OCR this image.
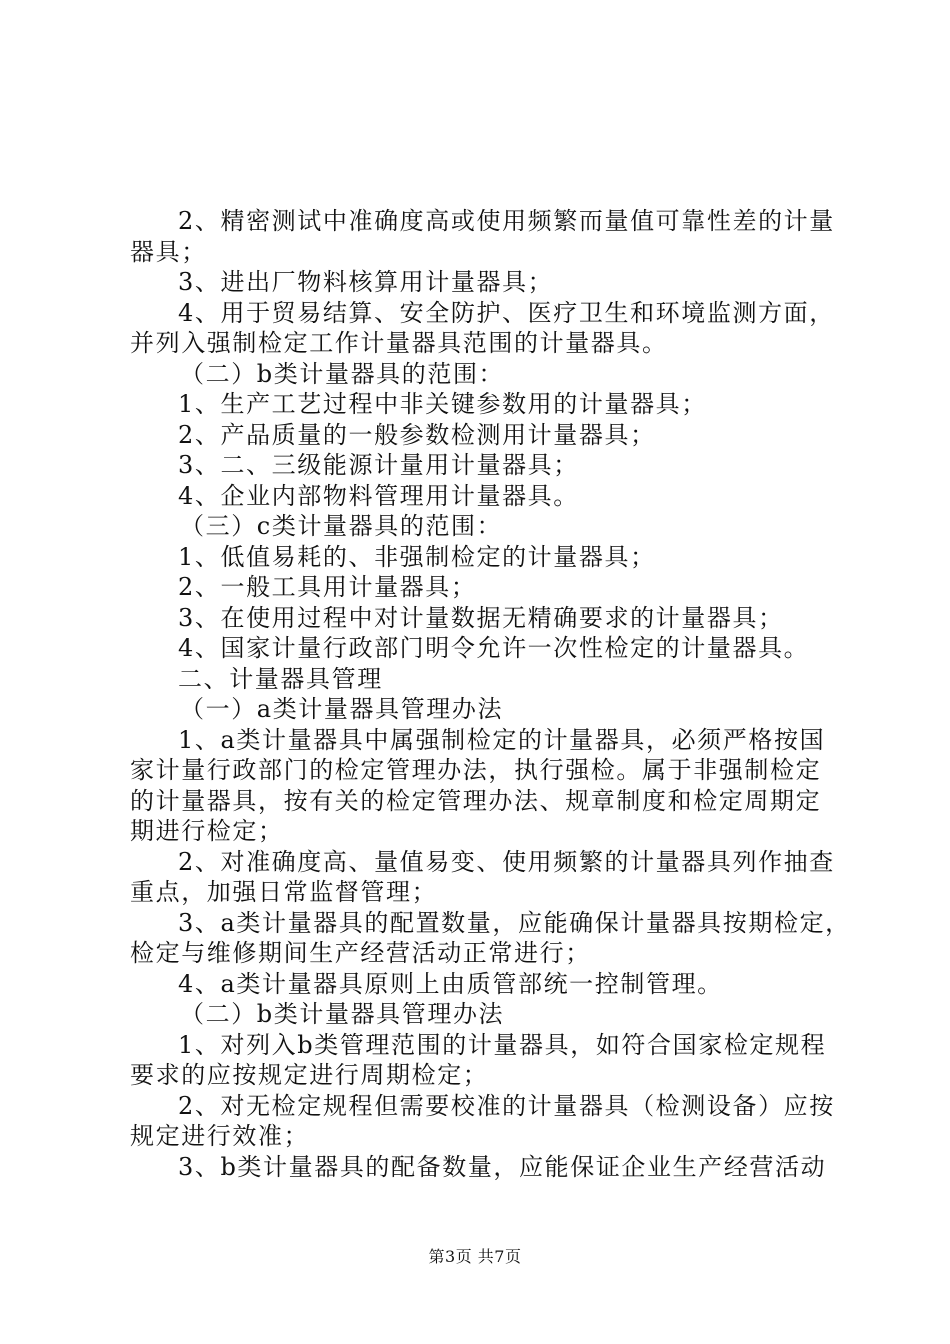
2、精密测试中准确度高或使用频繁而量值可靠性差的计量
器具；
3、进出厂物料核算用计量器具；
4、用于贸易结算、安全防护、医疗卫生和环境监测方面，
并列入强制检定工作计量器具范围的计量器具。
（二）b类计量器具的范围：
1、生产工艺过程中非关键参数用的计量器具；
2、产品质量的一般参数检测用计量器具；
3、二、三级能源计量用计量器具；
4、企业内部物料管理用计量器具。
（三）c类计量器具的范围：
1、低值易耗的、非强制检定的计量器具；
2、一般工具用计量器具；
3、在使用过程中对计量数据无精确要求的计量器具；
4、国家计量行政部门明令允许一次性检定的计量器具。
二、计量器具管理
（一）a类计量器具管理办法
1、a类计量器具中属强制检定的计量器具，必须严格按国
家计量行政部门的检定管理办法，执行强检。属于非强制检定
的计量器具，按有关的检定管理办法、规章制度和检定周期定
期进行检定；
2、对准确度高、量值易变、使用频繁的计量器具列作抽查
重点，加强日常监督管理；
3、a类计量器具的配置数量，应能确保计量器具按期检定，
检定与维修期间生产经营活动正常进行；
4、a类计量器具原则上由质管部统一控制管理。
（二）b类计量器具管理办法
1、对列入b类管理范围的计量器具，如符合国家检定规程
要求的应按规定进行周期检定；
2、对无检定规程但需要校准的计量器具（检测设备）应按
规定进行效准；
3、b类计量器具的配备数量，应能保证企业生产经营活动
第3页 共7页
